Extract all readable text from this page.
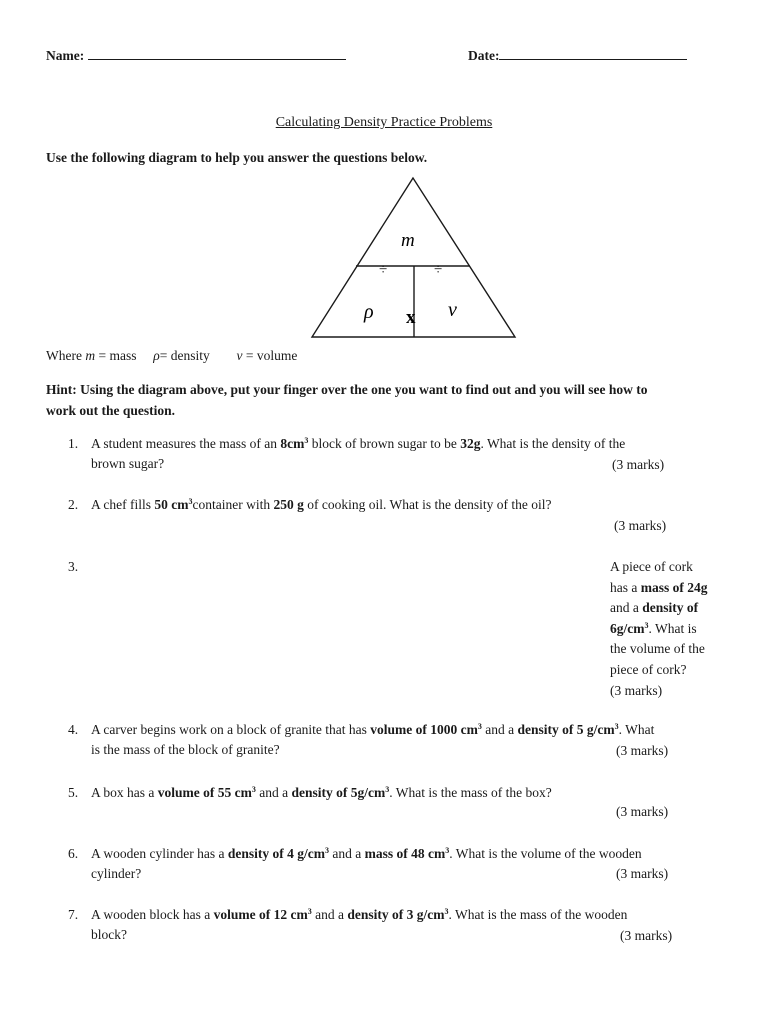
Name:	Date:
Calculating Density Practice Problems
Use the following diagram to help you answer the questions below.
m
÷	÷
ρ	v
x
Where m = mass ρ= density v = volume
Hint: Using the diagram above, put your finger over the one you want to find out and you will see how to
work out the question.
1. A student measures the mass of an $8cm^3$ block of brown sugar to be 32g. What is the density of the
brown sugar?	(3 marks)
2. A chef fills 50 $cm^3container$ with 250 g of cooking oil. What is the density of the oil?
(3 marks)
3.	A piece of cork
has a mass of 24g
and a density of
$6g/cm^3$. What is
the volume of the
piece of cork?
(3 marks)
4. A carver begins work on a block of granite that has volume of 1000 $cm^3$ and a density of 5 $g/cm^3$. What
is the mass of the block of granite?	(3 marks)
5. A box has a volume of 55 $cm^3$ and a density of $5g/cm^3$. What is the mass of the box?
(3 marks)
6. A wooden cylinder has a density of 4 $g/cm^3$ and a mass of 48 $cm^3$. What is the volume of the wooden
cylinder?	(3 marks)
7. A wooden block has a volume of 12 $cm^3$ and a density of 3 $g/cm^3$. What is the mass of the wooden
block?	(3 marks)
